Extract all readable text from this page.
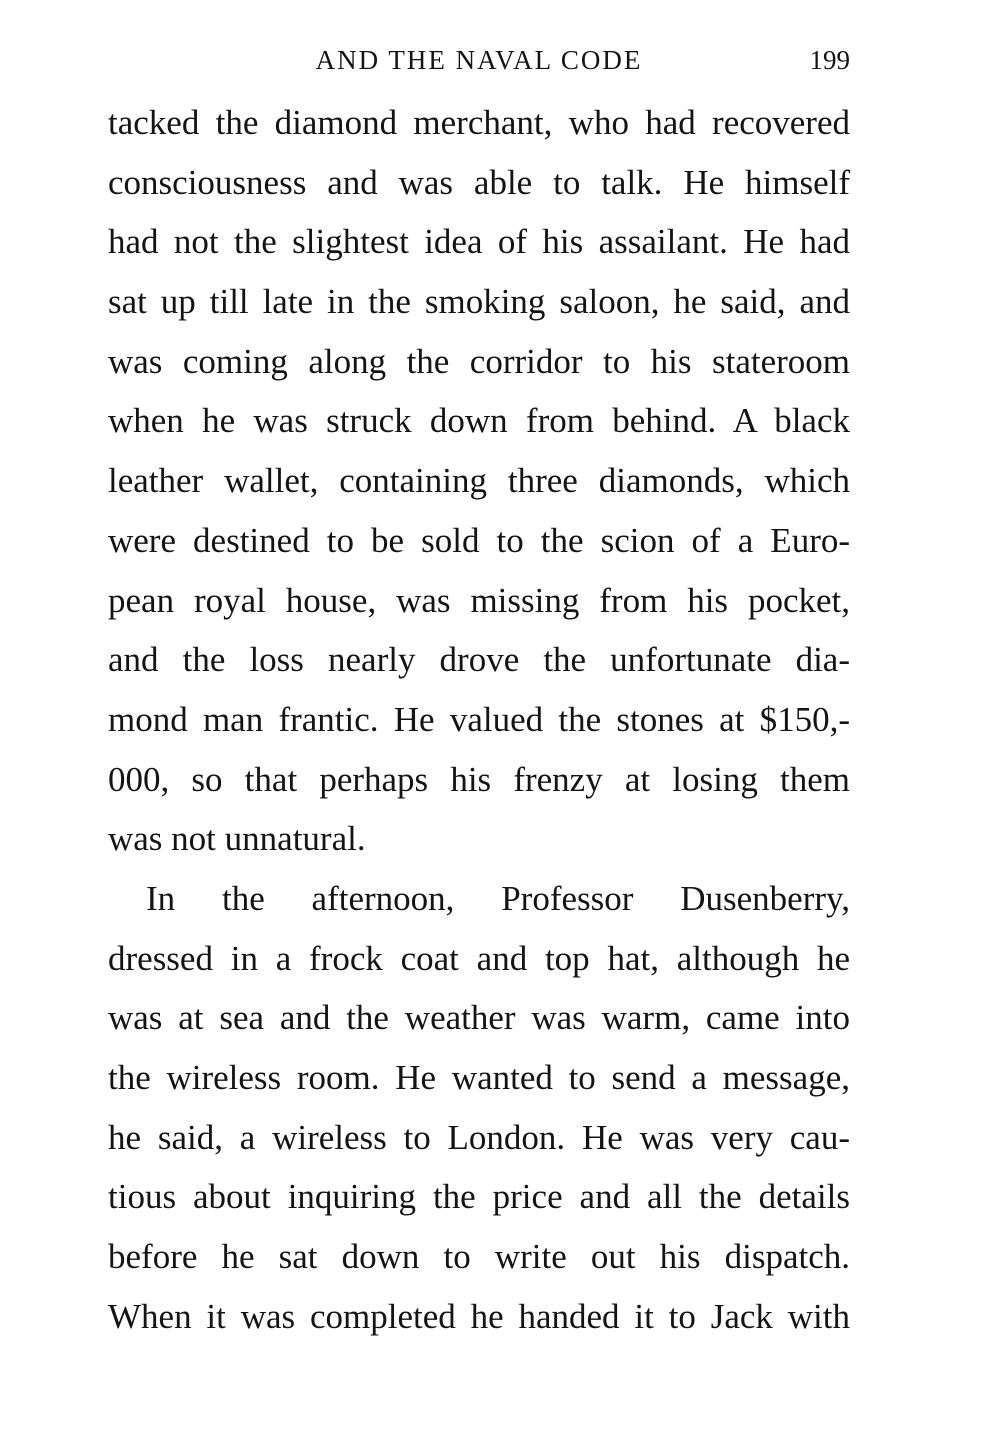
AND THE NAVAL CODE	199
tacked the diamond merchant, who had recovered
consciousness and was able to talk. He himself
had not the slightest idea of his assailant. He had
sat up till late in the smoking saloon, he said, and
was coming along the corridor to his stateroom
when he was struck down from behind. A black
leather wallet, containing three diamonds, which
were destined to be sold to the scion of a Euro-
pean royal house, was missing from his pocket,
and the loss nearly drove the unfortunate dia-
mond man frantic. He valued the stones at $150,-
000, so that perhaps his frenzy at losing them
was not unnatural.
In the afternoon, Professor Dusenberry,
dressed in a frock coat and top hat, although he
was at sea and the weather was warm, came into
the wireless room. He wanted to send a message,
he said, a wireless to London. He was very cau-
tious about inquiring the price and all the details
before he sat down to write out his dispatch.
When it was completed he handed it to Jack with
